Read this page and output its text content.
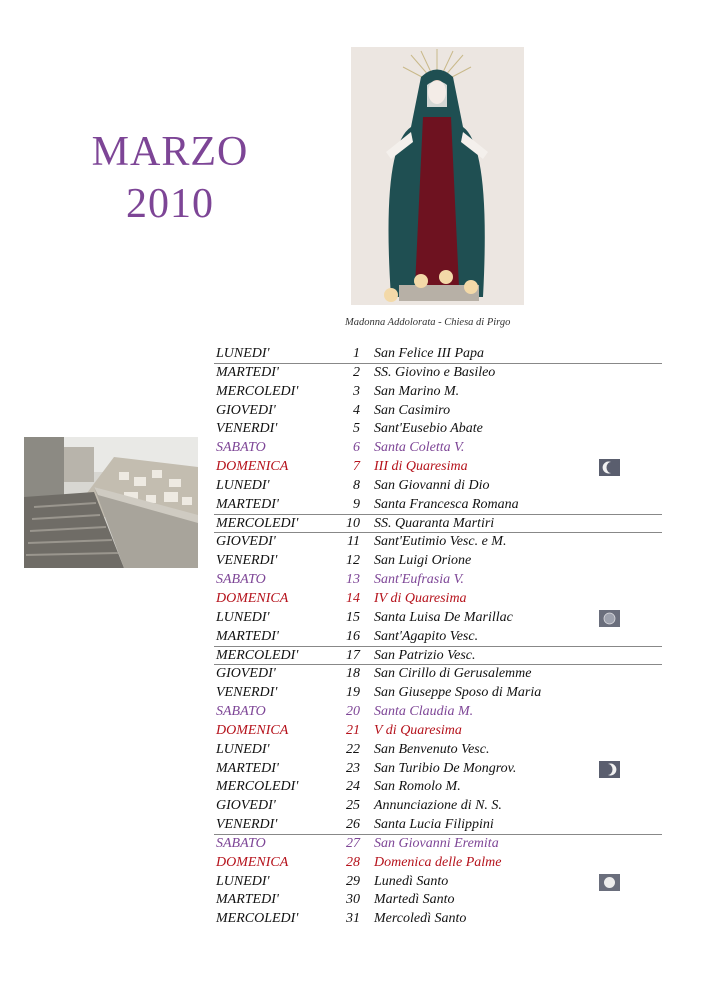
MARZO
2010
Madonna Addolorata - Chiesa di Pirgo
LUNEDI'	1 San Felice III Papa
MARTEDI'	2 SS. Giovino e Basileo
MERCOLEDI'	3 San Marino M.
GIOVEDI'	4 San Casimiro
VENERDI'	5 Sant'Eusebio Abate
SABATO	6 Santa Coletta V.
DOMENICA	7 III di Quaresima
LUNEDI'	8 San Giovanni di Dio
MARTEDI'	9 Santa Francesca Romana
MERCOLEDI'	10 SS. Quaranta Martiri
GIOVEDI'	11 Sant'Eutimio Vesc. e M.
VENERDI'	12 San Luigi Orione
SABATO	13 Sant'Eufrasia V.
DOMENICA	14 IV di Quaresima
LUNEDI'	15 Santa Luisa De Marillac
MARTEDI'	16 Sant'Agapito Vesc.
MERCOLEDI'	17 San Patrizio Vesc.
GIOVEDI'	18 San Cirillo di Gerusalemme
VENERDI'	19 San Giuseppe Sposo di Maria
SABATO	20 Santa Claudia M.
DOMENICA	21 V di Quaresima
LUNEDI'	22 San Benvenuto Vesc.
MARTEDI'	23 San Turibio De Mongrov.
MERCOLEDI'	24 San Romolo M.
GIOVEDI'	25 Annunciazione di N. S.
VENERDI'	26 Santa Lucia Filippini
SABATO	27 San Giovanni Eremita
DOMENICA	28 Domenica delle Palme
LUNEDI'	29 Lunedì Santo
MARTEDI'	30 Martedì Santo
MERCOLEDI'	31 Mercoledì Santo
